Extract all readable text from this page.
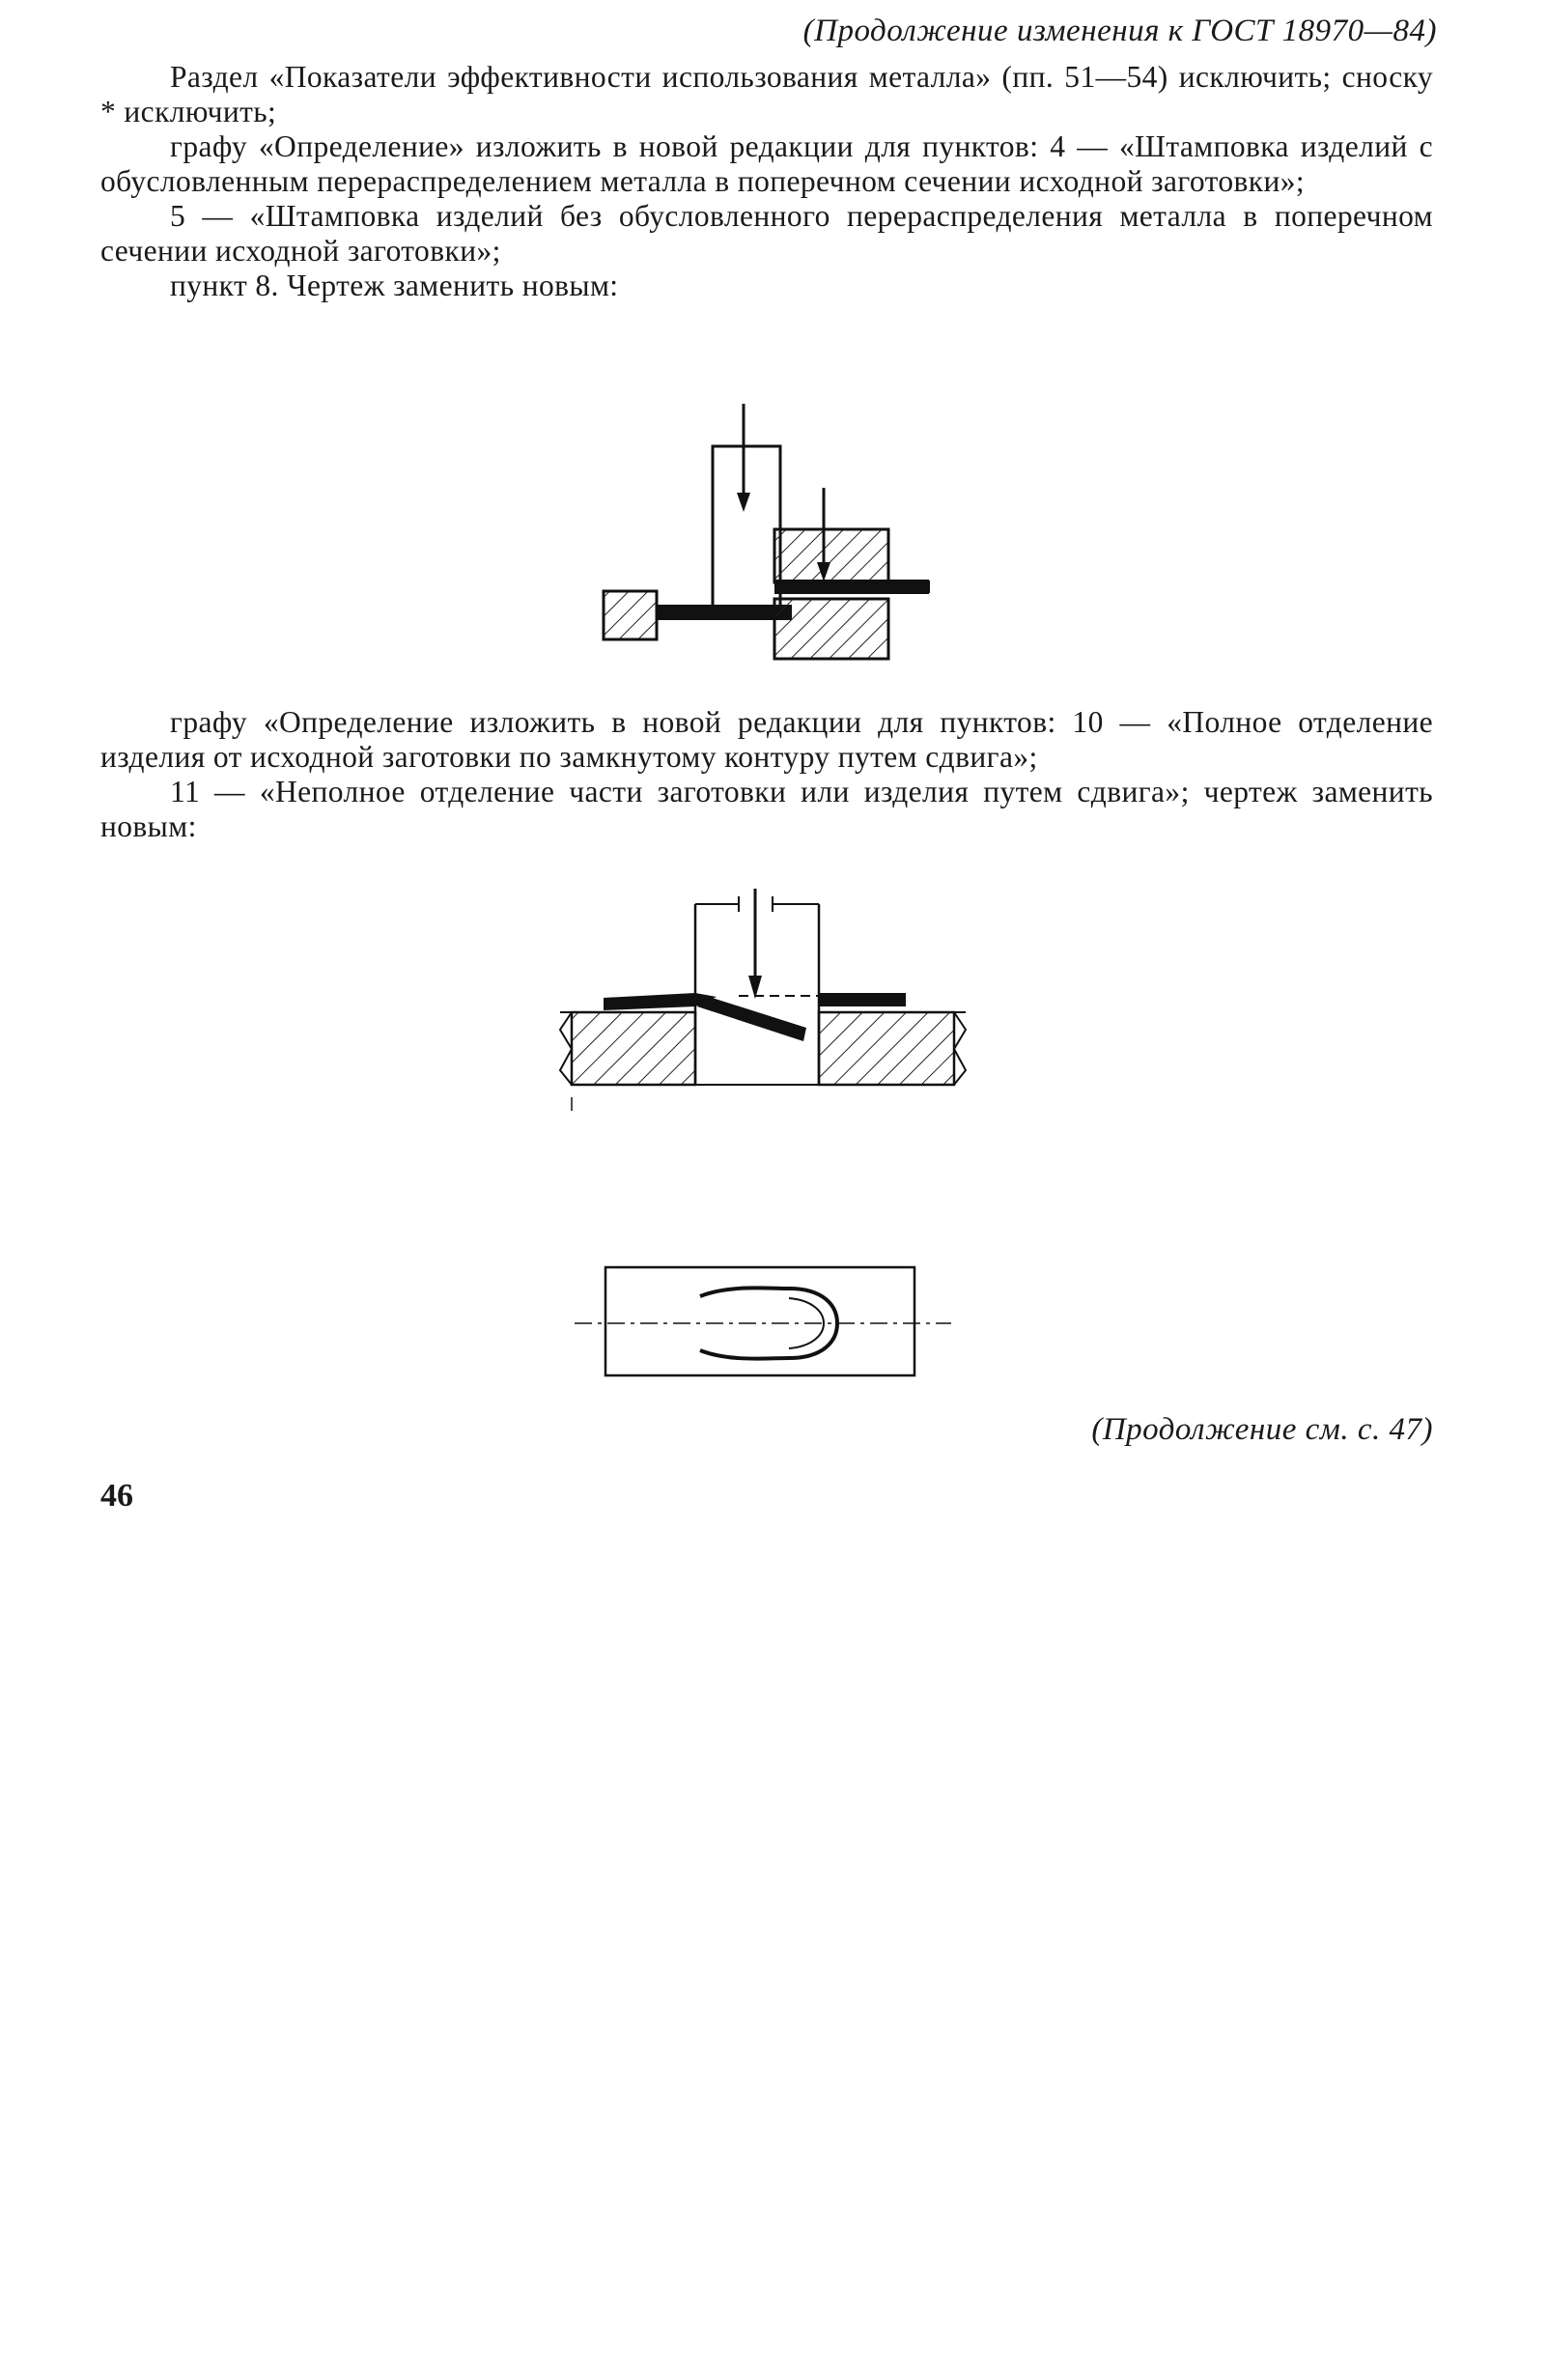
(Продолжение изменения к ГОСТ 18970—84)

Раздел «Показатели эффективности использования металла» (пп. 51—54) исключить; сноску * исключить;

графу «Определение» изложить в новой редакции для пунктов: 4 — «Штамповка изделий с обусловленным перераспределением металла в поперечном сечении исходной заготовки»;

5 — «Штамповка изделий без обусловленного перераспределения металла в поперечном сечении исходной заготовки»;

пункт 8. Чертеж заменить новым:

графу «Определение изложить в новой редакции для пунктов: 10 — «Полное отделение изделия от исходной заготовки по замкнутому контуру путем сдвига»;

11 — «Неполное отделение части заготовки или изделия путем сдвига»; чертеж заменить новым:

(Продолжение см. с. 47)
46
